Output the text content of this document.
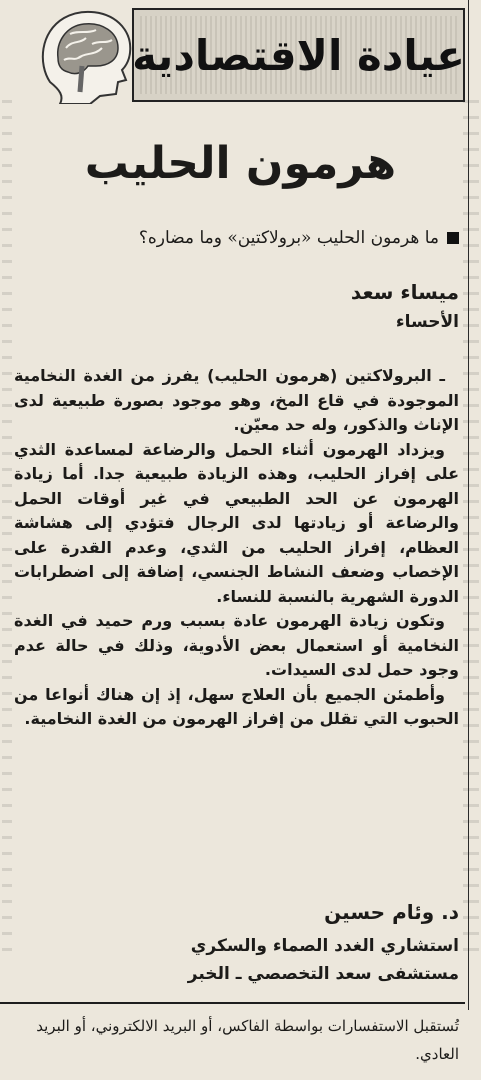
عيادة الاقتصادية
هرمون الحليب
ما هرمون الحليب «برولاكتين» وما مضاره؟
ميساء سعد
الأحساء

ـ البرولاكتين (هرمون الحليب) يفرز من الغدة النخامية الموجودة في قاع المخ، وهو موجود بصورة طبيعية لدى الإناث والذكور، وله حد معيّن.

ويزداد الهرمون أثناء الحمل والرضاعة لمساعدة الثدي على إفراز الحليب، وهذه الزيادة طبيعية جدا. أما زيادة الهرمون عن الحد الطبيعي في غير أوقات الحمل والرضاعة أو زيادتها لدى الرجال فتؤدي إلى هشاشة العظام، إفراز الحليب من الثدي، وعدم القدرة على الإخصاب وضعف النشاط الجنسي، إضافة إلى اضطرابات الدورة الشهرية بالنسبة للنساء.

وتكون زيادة الهرمون عادة بسبب ورم حميد في الغدة النخامية أو استعمال بعض الأدوية، وذلك في حالة عدم وجود حمل لدى السيدات.

وأطمئن الجميع بأن العلاج سهل، إذ إن هناك أنواعا من الحبوب التي تقلل من إفراز الهرمون من الغدة النخامية.

د. وئام حسين
استشاري الغدد الصماء والسكري
مستشفى سعد التخصصي ـ الخبر
تُستقبل الاستفسارات بواسطة الفاكس، أو البريد الالكتروني، أو البريد العادي.
